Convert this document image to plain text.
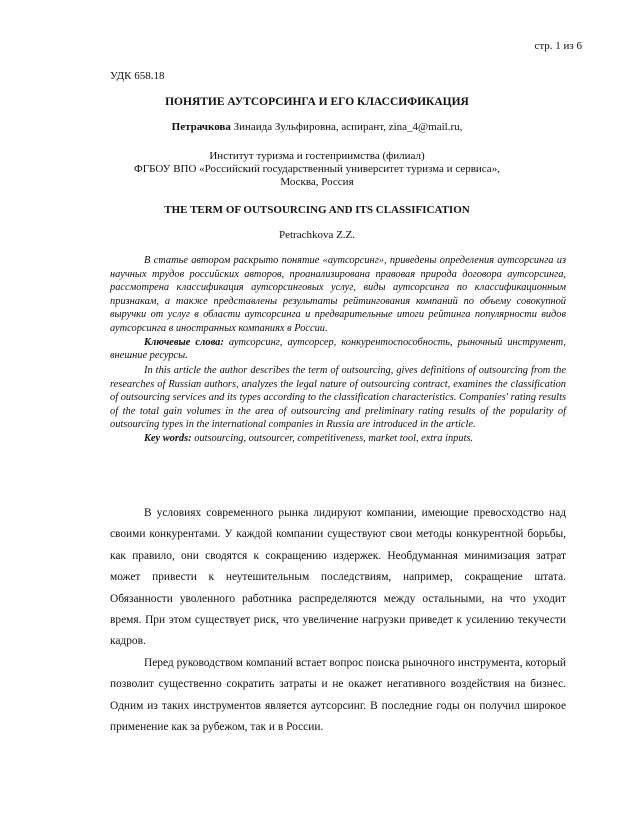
стр. 1 из 6
УДК 658.18
ПОНЯТИЕ АУТСОРСИНГА И ЕГО КЛАССИФИКАЦИЯ
Петрачкова Зинаида Зульфировна, аспирант, zina_4@mail.ru,
Институт туризма и гостеприимства (филиал)
ФГБОУ ВПО «Российский государственный университет туризма и сервиса»,
Москва, Россия
THE TERM OF OUTSOURCING AND ITS CLASSIFICATION
Petrachkova Z.Z.

В статье автором раскрыто понятие «аутсорсинг», приведены определения аутсорсинга из научных трудов российских авторов, проанализирована правовая природа договора аутсорсинга, рассмотрена классификация аутсорсинговых услуг, виды аутсорсинга по классификационным признакам, а также представлены результаты рейтингования компаний по объему совокупной выручки от услуг в области аутсорсинга и предварительные итоги рейтинга популярности видов аутсорсинга в иностранных компаниях в России.

Ключевые слова: аутсорсинг, аутсорсер, конкурентоспособность, рыночный инструмент, внешние ресурсы.

In this article the author describes the term of outsourcing, gives definitions of outsourcing from the researches of Russian authors, analyzes the legal nature of outsourcing contract, examines the classification of outsourcing services and its types according to the classification characteristics. Companies' rating results of the total gain volumes in the area of outsourcing and preliminary rating results of the popularity of outsourcing types in the international companies in Russia are introduced in the article.

Key words: outsourcing, outsourcer, competitiveness, market tool, extra inputs.

В условиях современного рынка лидируют компании, имеющие превосходство над своими конкурентами. У каждой компании существуют свои методы конкурентной борьбы, как правило, они сводятся к сокращению издержек. Необдуманная минимизация затрат может привести к неутешительным последствиям, например, сокращение штата. Обязанности уволенного работника распределяются между остальными, на что уходит время. При этом существует риск, что увеличение нагрузки приведет к усилению текучести кадров.

Перед руководством компаний встает вопрос поиска рыночного инструмента, который позволит существенно сократить затраты и не окажет негативного воздействия на бизнес. Одним из таких инструментов является аутсорсинг. В последние годы он получил широкое применение как за рубежом, так и в России.
